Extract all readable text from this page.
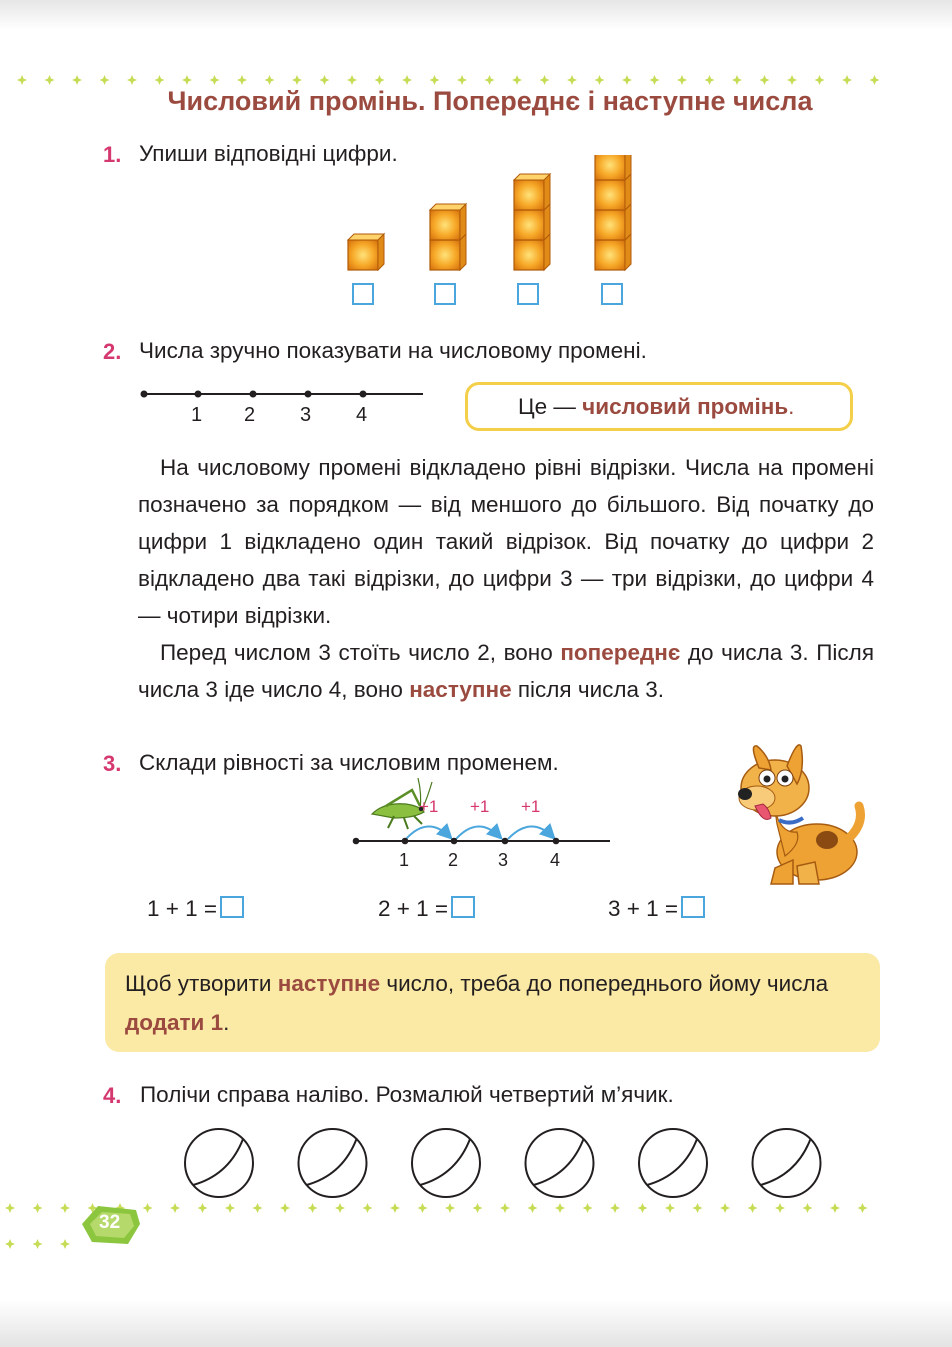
Числовий промінь. Попереднє і наступне числа
1. Упиши відповідні цифри.
2. Числа зручно показувати на числовому промені.
1 2 3 4	Це — числовий промінь.
На числовому промені відкладено рівні відрізки. Числа на промені позначено за порядком — від меншого до більшого. Від початку до цифри 1 відкладено один такий відрізок. Від початку до цифри 2 відкладено два такі відрізки, до цифри 3 — три відрізки, до цифри 4 — чотири відрізки.
Перед числом 3 стоїть число 2, воно попереднє до числа 3. Після числа 3 іде число 4, воно наступне після числа 3.
3. Склади рівності за числовим променем.
+1 +1 +1
1 2 3 4
1 + 1 =	2 + 1 =	3 + 1 =
Щоб утворити наступне число, треба до попереднього йому числа додати 1.
4. Полічи справа наліво. Розмалюй четвертий м’ячик.
32
